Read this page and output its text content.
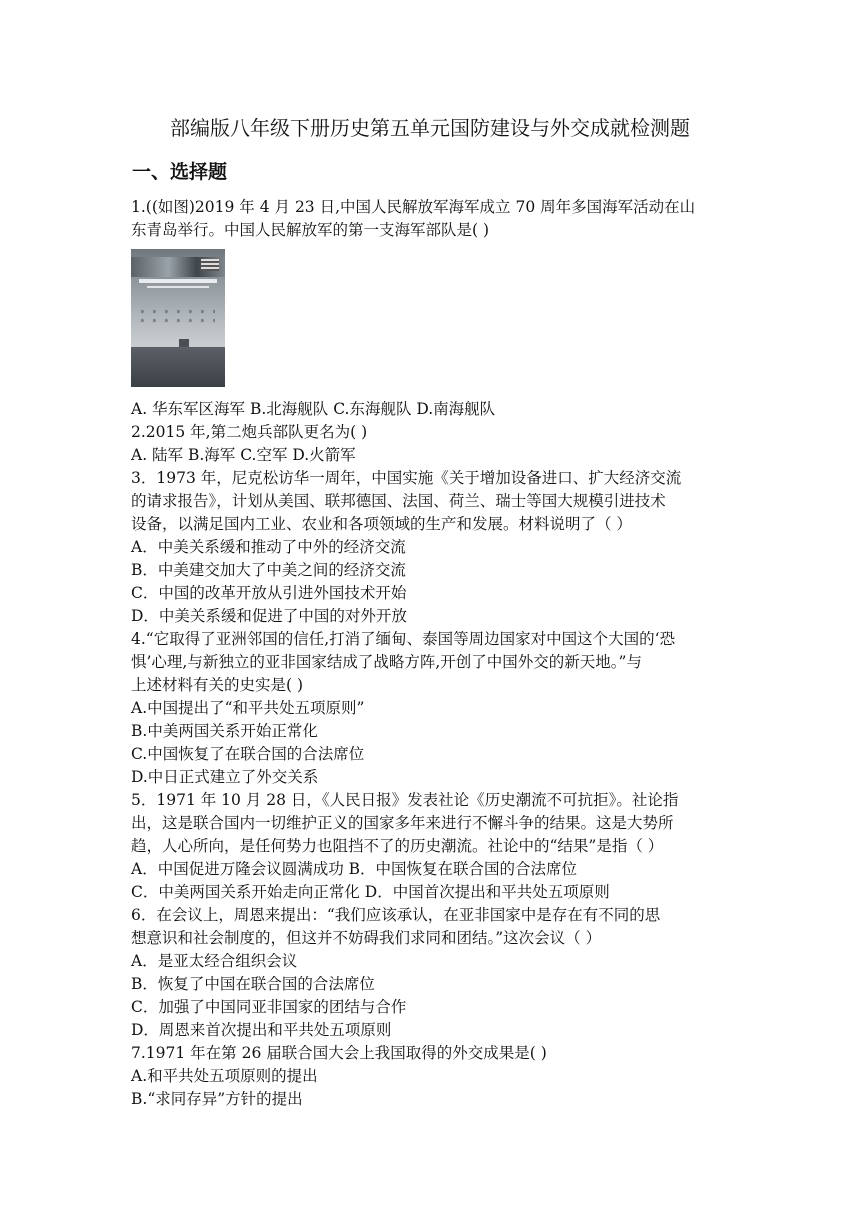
部编版八年级下册历史第五单元国防建设与外交成就检测题
一、选择题
1.((如图)2019 年 4 月 23 日,中国人民解放军海军成立 70 周年多国海军活动在山
东青岛举行。中国人民解放军的第一支海军部队是( )
A. 华东军区海军 B.北海舰队 C.东海舰队 D.南海舰队
2.2015 年,第二炮兵部队更名为( )
A. 陆军 B.海军 C.空军 D.火箭军
3．1973 年，尼克松访华一周年，中国实施《关于增加设备进口、扩大经济交流
的请求报告》，计划从美国、联邦德国、法国、荷兰、瑞士等国大规模引进技术
设备，以满足国内工业、农业和各项领域的生产和发展。材料说明了（ ）
A．中美关系缓和推动了中外的经济交流
B．中美建交加大了中美之间的经济交流
C．中国的改革开放从引进外国技术开始
D．中美关系缓和促进了中国的对外开放
4.“它取得了亚洲邻国的信任,打消了缅甸、泰国等周边国家对中国这个大国的‘恐
惧’心理,与新独立的亚非国家结成了战略方阵,开创了中国外交的新天地。”与
上述材料有关的史实是( )
A.中国提出了“和平共处五项原则”
B.中美两国关系开始正常化
C.中国恢复了在联合国的合法席位
D.中日正式建立了外交关系
5．1971 年 10 月 28 日，《人民日报》发表社论《历史潮流不可抗拒》。社论指
出，这是联合国内一切维护正义的国家多年来进行不懈斗争的结果。这是大势所
趋，人心所向，是任何势力也阻挡不了的历史潮流。社论中的“结果”是指（ ）
A．中国促进万隆会议圆满成功 B．中国恢复在联合国的合法席位
C．中美两国关系开始走向正常化 D．中国首次提出和平共处五项原则
6．在会议上，周恩来提出：“我们应该承认，在亚非国家中是存在有不同的思
想意识和社会制度的，但这并不妨碍我们求同和团结。”这次会议（ ）
A．是亚太经合组织会议
B．恢复了中国在联合国的合法席位
C．加强了中国同亚非国家的团结与合作
D．周恩来首次提出和平共处五项原则
7.1971 年在第 26 届联合国大会上我国取得的外交成果是( )
A.和平共处五项原则的提出
B.“求同存异”方针的提出
